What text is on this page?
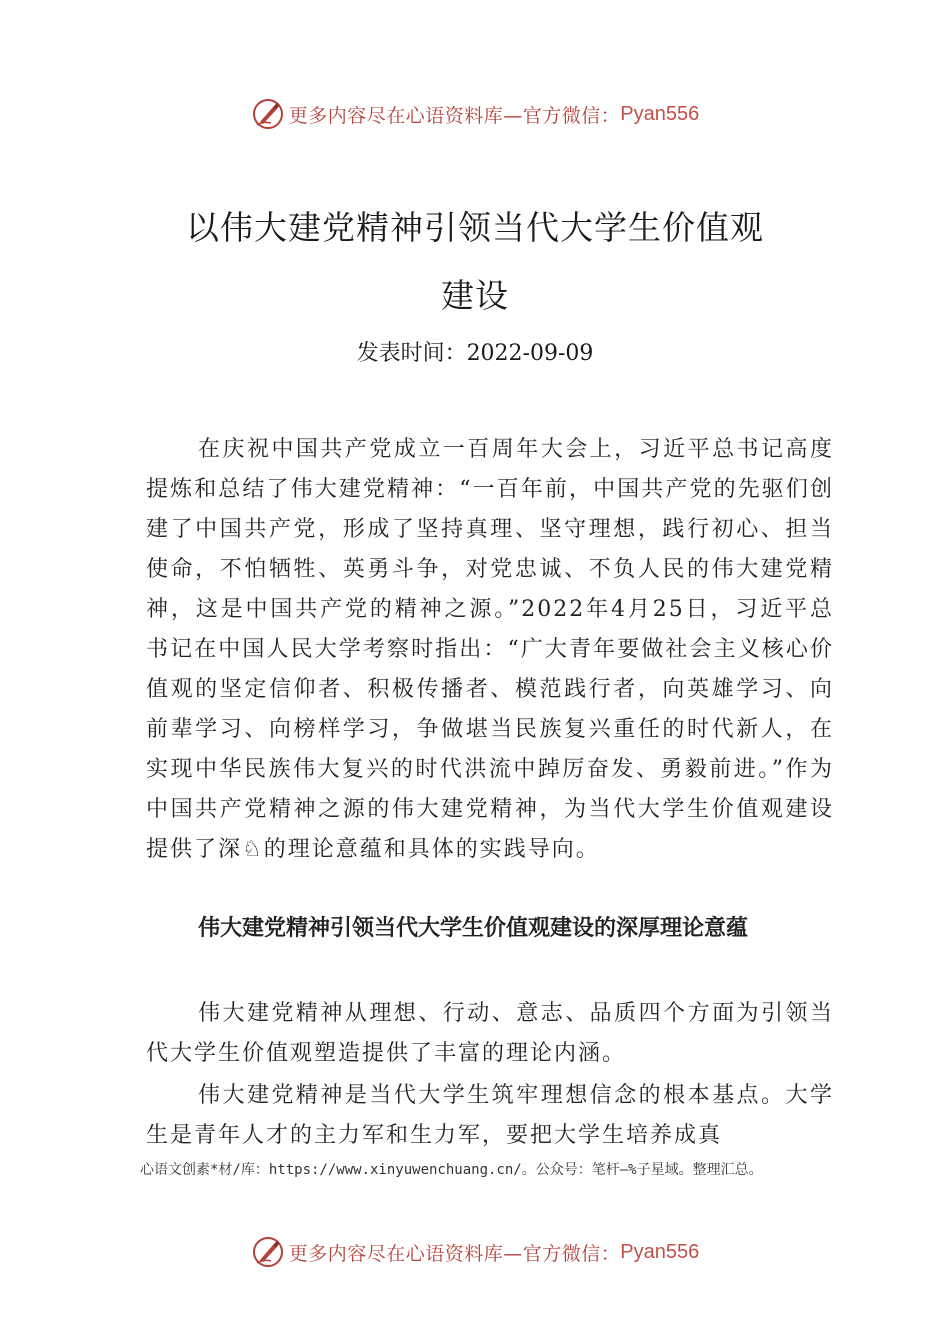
更多内容尽在心语资料库—官方微信： Pyan556
以伟大建党精神引领当代大学生价值观
建设
发表时间：2022-09-09

在庆祝中国共产党成立一百周年大会上，习近平总书记高度提炼和总结了伟大建党精神：“一百年前，中国共产党的先驱们创建了中国共产党，形成了坚持真理、坚守理想，践行初心、担当使命，不怕牺牲、英勇斗争，对党忠诚、不负人民的伟大建党精神，这是中国共产党的精神之源。”2022年4月25日，习近平总书记在中国人民大学考察时指出：“广大青年要做社会主义核心价值观的坚定信仰者、积极传播者、模范践行者，向英雄学习、向前辈学习、向榜样学习，争做堪当民族复兴重任的时代新人，在实现中华民族伟大复兴的时代洪流中踔厉奋发、勇毅前进。”作为中国共产党精神之源的伟大建党精神，为当代大学生价值观建设提供了深♘的理论意蕴和具体的实践导向。

伟大建党精神引领当代大学生价值观建设的深厚理论意蕴

伟大建党精神从理想、行动、意志、品质四个方面为引领当代大学生价值观塑造提供了丰富的理论内涵。

伟大建党精神是当代大学生筑牢理想信念的根本基点。大学生是青年人才的主力军和生力军，要把大学生培养成真

心语文创素*材/库：https://www.xinyuwenchuang.cn/。公众号：笔杆—%子星域。整理汇总。
更多内容尽在心语资料库—官方微信： Pyan556
